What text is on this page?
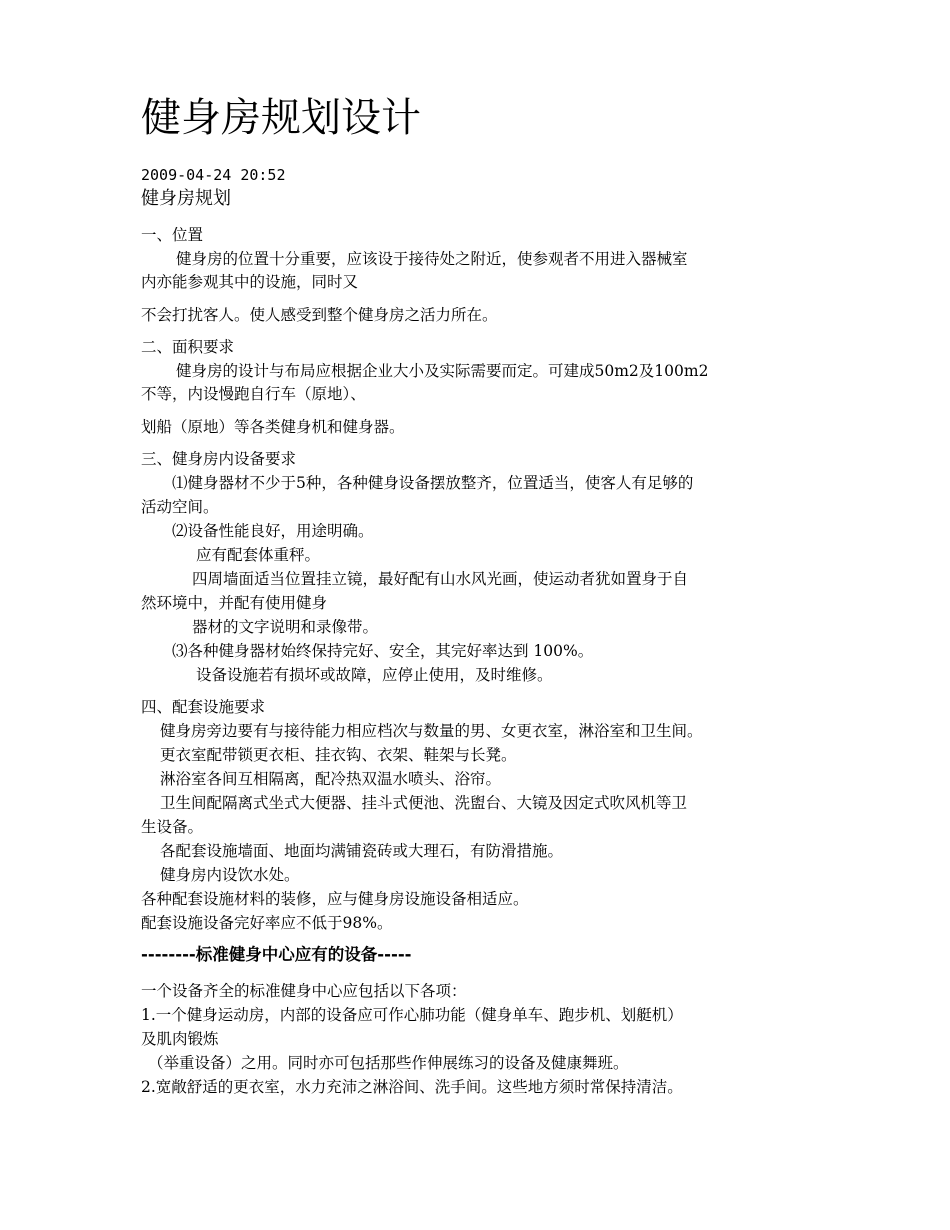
健身房规划设计
2009-04-24 20:52
健身房规划
一、位置
健身房的位置十分重要，应该设于接待处之附近，使参观者不用进入器械室
内亦能参观其中的设施，同时又
不会打扰客人。使人感受到整个健身房之活力所在。
二、面积要求
健身房的设计与布局应根据企业大小及实际需要而定。可建成50m2及100m2
不等，内设慢跑自行车（原地）、
划船（原地）等各类健身机和健身器。
三、健身房内设备要求
⑴健身器材不少于5种，各种健身设备摆放整齐，位置适当，使客人有足够的
活动空间。
⑵设备性能良好，用途明确。
应有配套体重秤。
四周墙面适当位置挂立镜，最好配有山水风光画，使运动者犹如置身于自
然环境中，并配有使用健身
器材的文字说明和录像带。
⑶各种健身器材始终保持完好、安全，其完好率达到 100%。
设备设施若有损坏或故障，应停止使用，及时维修。
四、配套设施要求
健身房旁边要有与接待能力相应档次与数量的男、女更衣室，淋浴室和卫生间。
更衣室配带锁更衣柜、挂衣钩、衣架、鞋架与长凳。
淋浴室各间互相隔离，配冷热双温水喷头、浴帘。
卫生间配隔离式坐式大便器、挂斗式便池、洗盥台、大镜及因定式吹风机等卫
生设备。
各配套设施墙面、地面均满铺瓷砖或大理石，有防滑措施。
健身房内设饮水处。
各种配套设施材料的装修，应与健身房设施设备相适应。
配套设施设备完好率应不低于98%。
--------标准健身中心应有的设备-----
一个设备齐全的标准健身中心应包括以下各项：
1.一个健身运动房，内部的设备应可作心肺功能（健身单车、跑步机、划艇机）
及肌肉锻炼
（举重设备）之用。同时亦可包括那些作伸展练习的设备及健康舞班。
2.宽敞舒适的更衣室，水力充沛之淋浴间、洗手间。这些地方须时常保持清洁。
